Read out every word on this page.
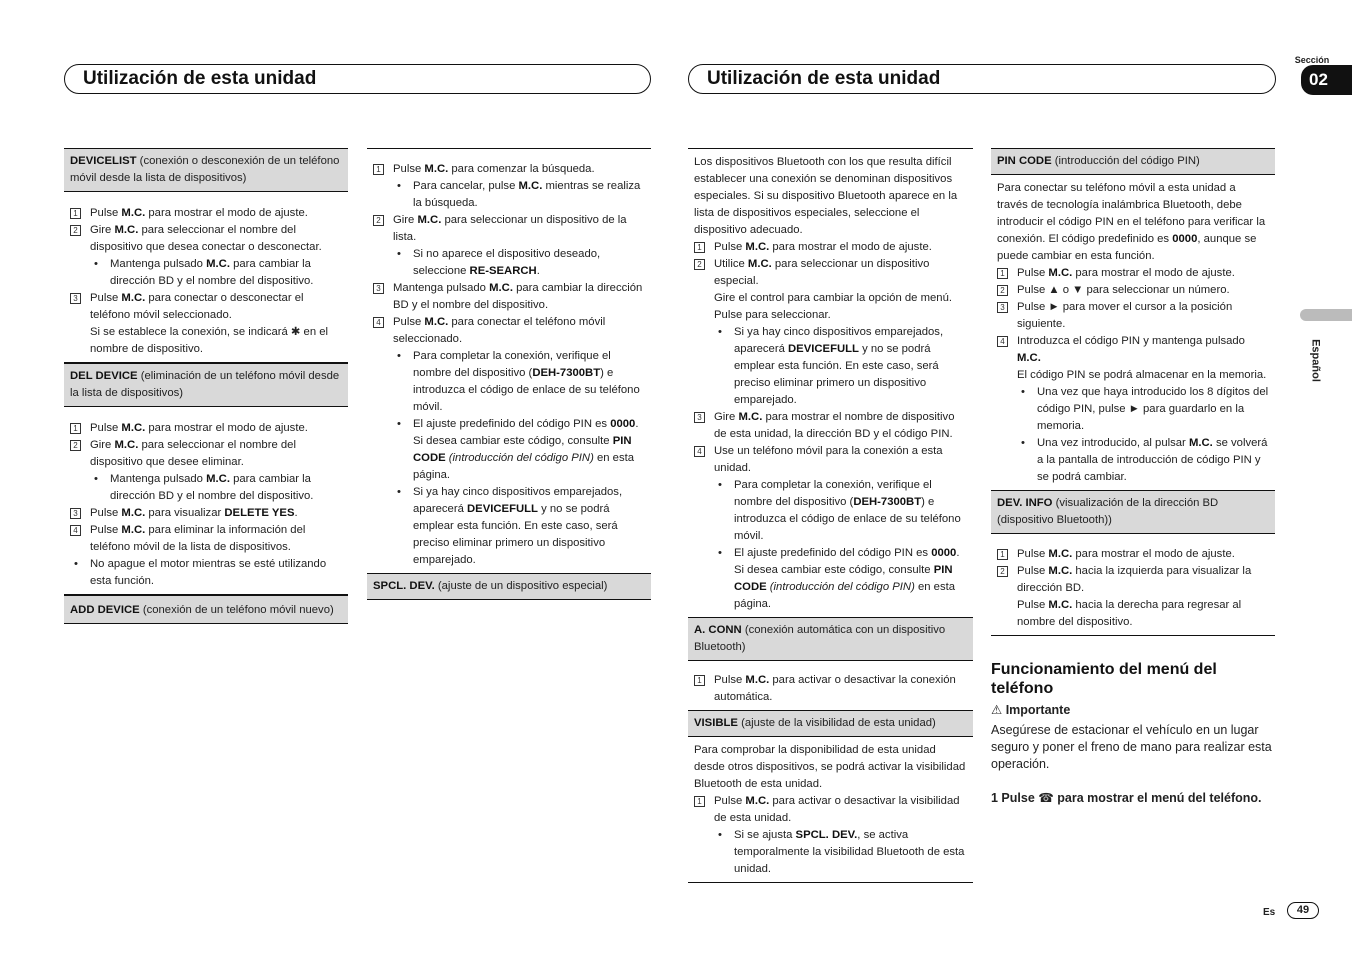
Utilización de esta unidad	Utilización de esta unidad
Sección
02
Español
DEVICELIST (conexión o desconexión de un teléfono móvil desde la lista de dispositivos)
1 Pulse M.C. para mostrar el modo de ajuste.
2 Gire M.C. para seleccionar el nombre del dispositivo que desea conectar o desconectar.
• Mantenga pulsado M.C. para cambiar la dirección BD y el nombre del dispositivo.
3 Pulse M.C. para conectar o desconectar el teléfono móvil seleccionado.
Si se establece la conexión, se indicará ✱ en el nombre de dispositivo.
DEL DEVICE (eliminación de un teléfono móvil desde la lista de dispositivos)
1 Pulse M.C. para mostrar el modo de ajuste.
2 Gire M.C. para seleccionar el nombre del dispositivo que desee eliminar.
• Mantenga pulsado M.C. para cambiar la dirección BD y el nombre del dispositivo.
3 Pulse M.C. para visualizar DELETE YES.
4 Pulse M.C. para eliminar la información del teléfono móvil de la lista de dispositivos.
• No apague el motor mientras se esté utilizando esta función.
ADD DEVICE (conexión de un teléfono móvil nuevo)
1 Pulse M.C. para comenzar la búsqueda.
• Para cancelar, pulse M.C. mientras se realiza la búsqueda.
2 Gire M.C. para seleccionar un dispositivo de la lista.
• Si no aparece el dispositivo deseado, seleccione RE-SEARCH.
3 Mantenga pulsado M.C. para cambiar la dirección BD y el nombre del dispositivo.
4 Pulse M.C. para conectar el teléfono móvil seleccionado.
• Para completar la conexión, verifique el nombre del dispositivo (DEH-7300BT) e introduzca el código de enlace de su teléfono móvil.
• El ajuste predefinido del código PIN es 0000. Si desea cambiar este código, consulte PIN CODE (introducción del código PIN) en esta página.
• Si ya hay cinco dispositivos emparejados, aparecerá DEVICEFULL y no se podrá emplear esta función. En este caso, será preciso eliminar primero un dispositivo emparejado.
SPCL. DEV. (ajuste de un dispositivo especial)
Los dispositivos Bluetooth con los que resulta difícil establecer una conexión se denominan dispositivos especiales. Si su dispositivo Bluetooth aparece en la lista de dispositivos especiales, seleccione el dispositivo adecuado.
1 Pulse M.C. para mostrar el modo de ajuste.
2 Utilice M.C. para seleccionar un dispositivo especial.
Gire el control para cambiar la opción de menú. Pulse para seleccionar.
• Si ya hay cinco dispositivos emparejados, aparecerá DEVICEFULL y no se podrá emplear esta función. En este caso, será preciso eliminar primero un dispositivo emparejado.
3 Gire M.C. para mostrar el nombre de dispositivo de esta unidad, la dirección BD y el código PIN.
4 Use un teléfono móvil para la conexión a esta unidad.
• Para completar la conexión, verifique el nombre del dispositivo (DEH-7300BT) e introduzca el código de enlace de su teléfono móvil.
• El ajuste predefinido del código PIN es 0000. Si desea cambiar este código, consulte PIN CODE (introducción del código PIN) en esta página.
A. CONN (conexión automática con un dispositivo Bluetooth)
1 Pulse M.C. para activar o desactivar la conexión automática.
VISIBLE (ajuste de la visibilidad de esta unidad)
Para comprobar la disponibilidad de esta unidad desde otros dispositivos, se podrá activar la visibilidad Bluetooth de esta unidad.
1 Pulse M.C. para activar o desactivar la visibilidad de esta unidad.
• Si se ajusta SPCL. DEV., se activa temporalmente la visibilidad Bluetooth de esta unidad.
PIN CODE (introducción del código PIN)
Para conectar su teléfono móvil a esta unidad a través de tecnología inalámbrica Bluetooth, debe introducir el código PIN en el teléfono para verificar la conexión. El código predefinido es 0000, aunque se puede cambiar en esta función.
1 Pulse M.C. para mostrar el modo de ajuste.
2 Pulse ▲ o ▼ para seleccionar un número.
3 Pulse ► para mover el cursor a la posición siguiente.
4 Introduzca el código PIN y mantenga pulsado M.C.
El código PIN se podrá almacenar en la memoria.
• Una vez que haya introducido los 8 dígitos del código PIN, pulse ► para guardarlo en la memoria.
• Una vez introducido, al pulsar M.C. se volverá a la pantalla de introducción de código PIN y se podrá cambiar.
DEV. INFO (visualización de la dirección BD (dispositivo Bluetooth))
1 Pulse M.C. para mostrar el modo de ajuste.
2 Pulse M.C. hacia la izquierda para visualizar la dirección BD.
Pulse M.C. hacia la derecha para regresar al nombre del dispositivo.
Funcionamiento del menú del teléfono
⚠ Importante
Asegúrese de estacionar el vehículo en un lugar seguro y poner el freno de mano para realizar esta operación.
1 Pulse ☎ para mostrar el menú del teléfono.
Es	49
